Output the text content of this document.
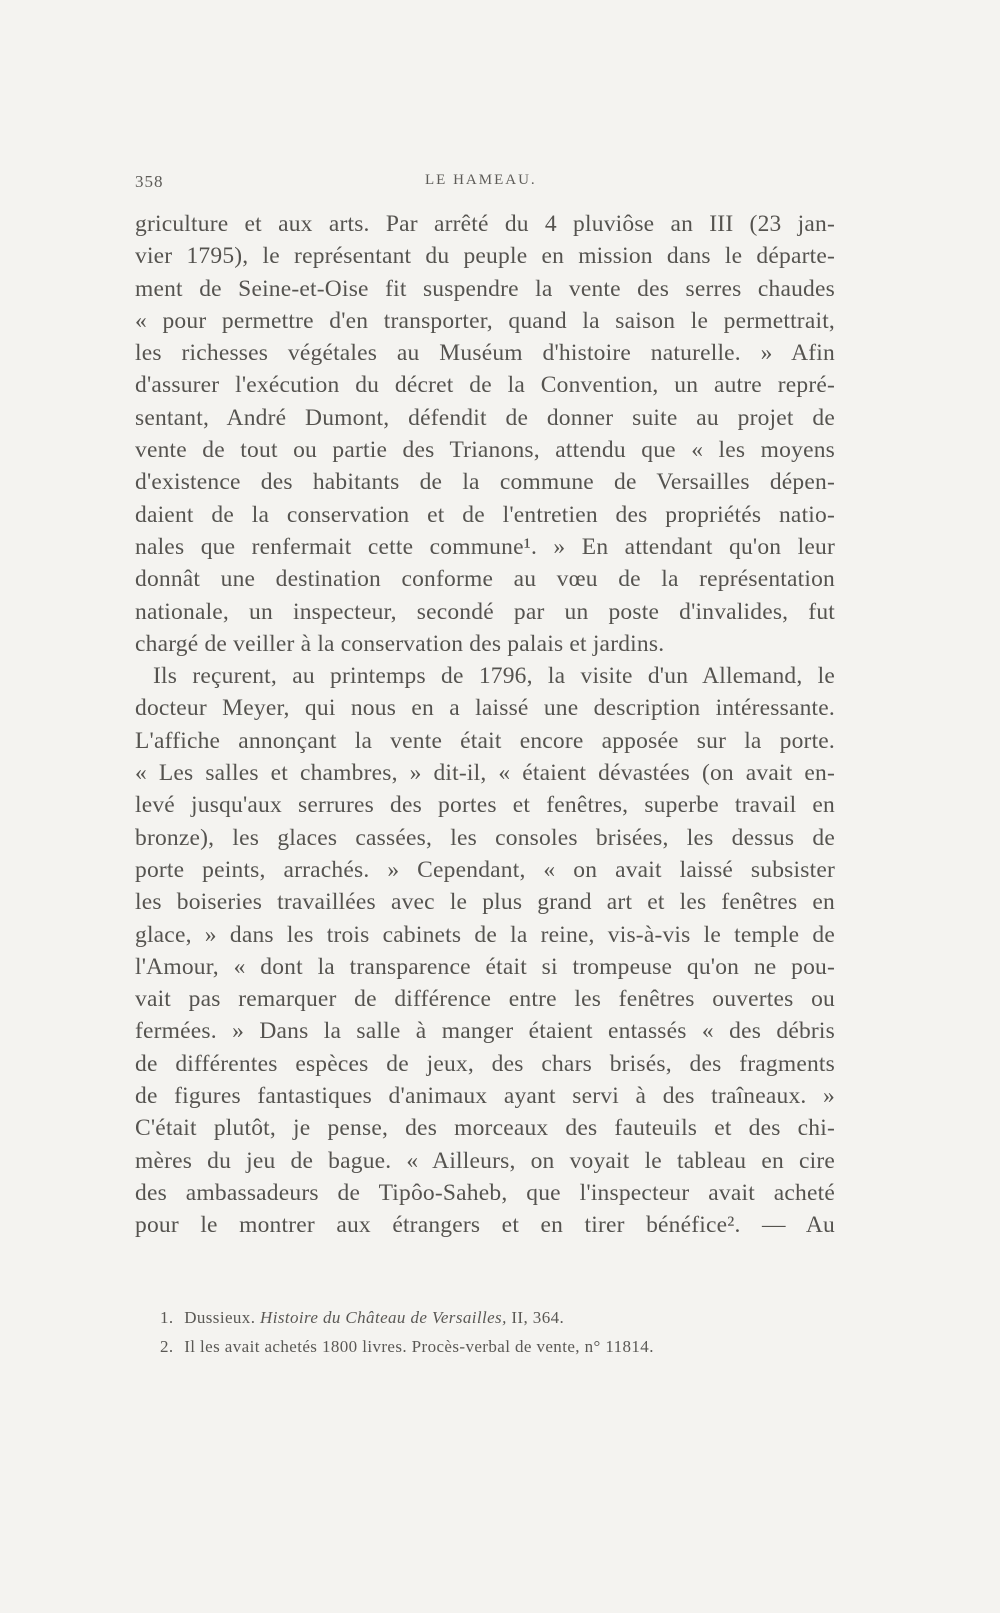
358	LE HAMEAU.
griculture et aux arts. Par arrêté du 4 pluviôse an III (23 jan-
vier 1795), le représentant du peuple en mission dans le départe-
ment de Seine-et-Oise fit suspendre la vente des serres chaudes
« pour permettre d'en transporter, quand la saison le permettrait,
les richesses végétales au Muséum d'histoire naturelle. » Afin
d'assurer l'exécution du décret de la Convention, un autre repré-
sentant, André Dumont, défendit de donner suite au projet de
vente de tout ou partie des Trianons, attendu que « les moyens
d'existence des habitants de la commune de Versailles dépen-
daient de la conservation et de l'entretien des propriétés natio-
nales que renfermait cette commune¹. » En attendant qu'on leur
donnât une destination conforme au vœu de la représentation
nationale, un inspecteur, secondé par un poste d'invalides, fut
chargé de veiller à la conservation des palais et jardins.
Ils reçurent, au printemps de 1796, la visite d'un Allemand, le
docteur Meyer, qui nous en a laissé une description intéressante.
L'affiche annonçant la vente était encore apposée sur la porte.
« Les salles et chambres, » dit-il, « étaient dévastées (on avait en-
levé jusqu'aux serrures des portes et fenêtres, superbe travail en
bronze), les glaces cassées, les consoles brisées, les dessus de
porte peints, arrachés. » Cependant, « on avait laissé subsister
les boiseries travaillées avec le plus grand art et les fenêtres en
glace, » dans les trois cabinets de la reine, vis-à-vis le temple de
l'Amour, « dont la transparence était si trompeuse qu'on ne pou-
vait pas remarquer de différence entre les fenêtres ouvertes ou
fermées. » Dans la salle à manger étaient entassés « des débris
de différentes espèces de jeux, des chars brisés, des fragments
de figures fantastiques d'animaux ayant servi à des traîneaux. »
C'était plutôt, je pense, des morceaux des fauteuils et des chi-
mères du jeu de bague. « Ailleurs, on voyait le tableau en cire
des ambassadeurs de Tipôo-Saheb, que l'inspecteur avait acheté
pour le montrer aux étrangers et en tirer bénéfice². — Au
1. Dussieux. Histoire du Château de Versailles, II, 364.
2. Il les avait achetés 1800 livres. Procès-verbal de vente, n° 11814.
